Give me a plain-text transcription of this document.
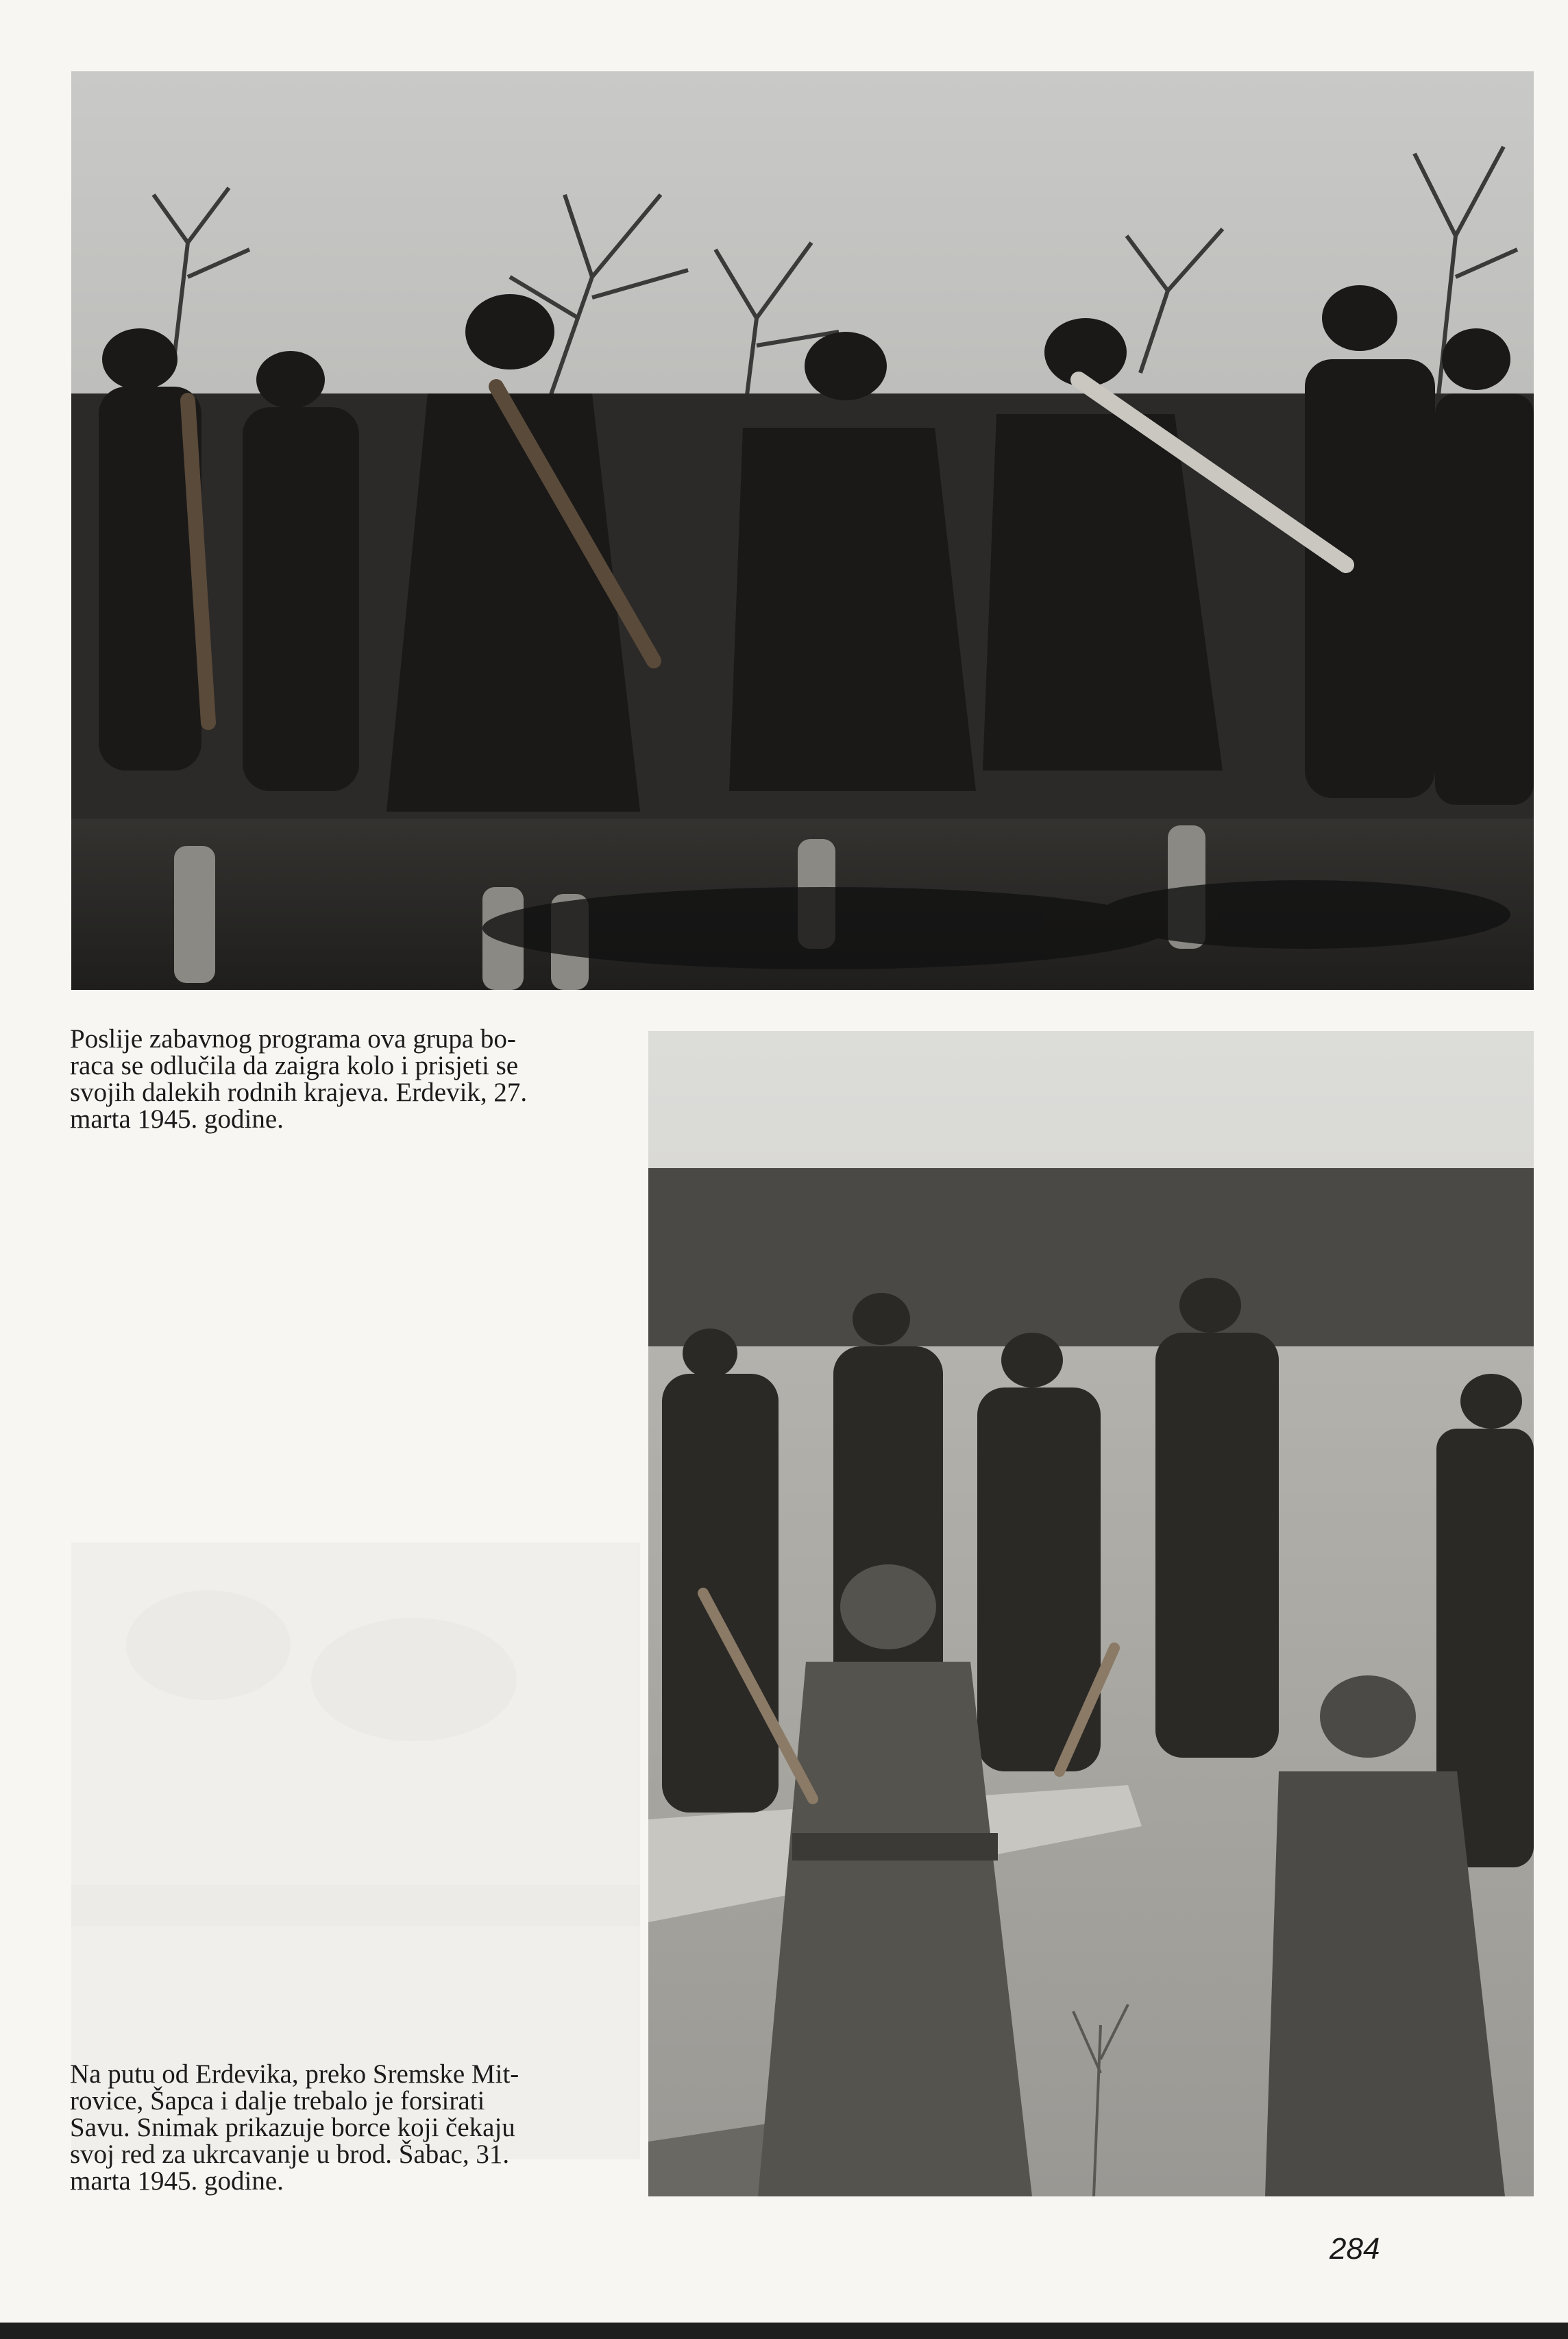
Poslije zabavnog programa ova grupa bo-
raca se odlučila da zaigra kolo i prisjeti se
svojih dalekih rodnih krajeva. Erdevik, 27.
marta 1945. godine.
Na putu od Erdevika, preko Sremske Mit-
rovice, Šapca i dalje trebalo je forsirati
Savu. Snimak prikazuje borce koji čekaju
svoj red za ukrcavanje u brod. Šabac, 31.
marta 1945. godine.
284
